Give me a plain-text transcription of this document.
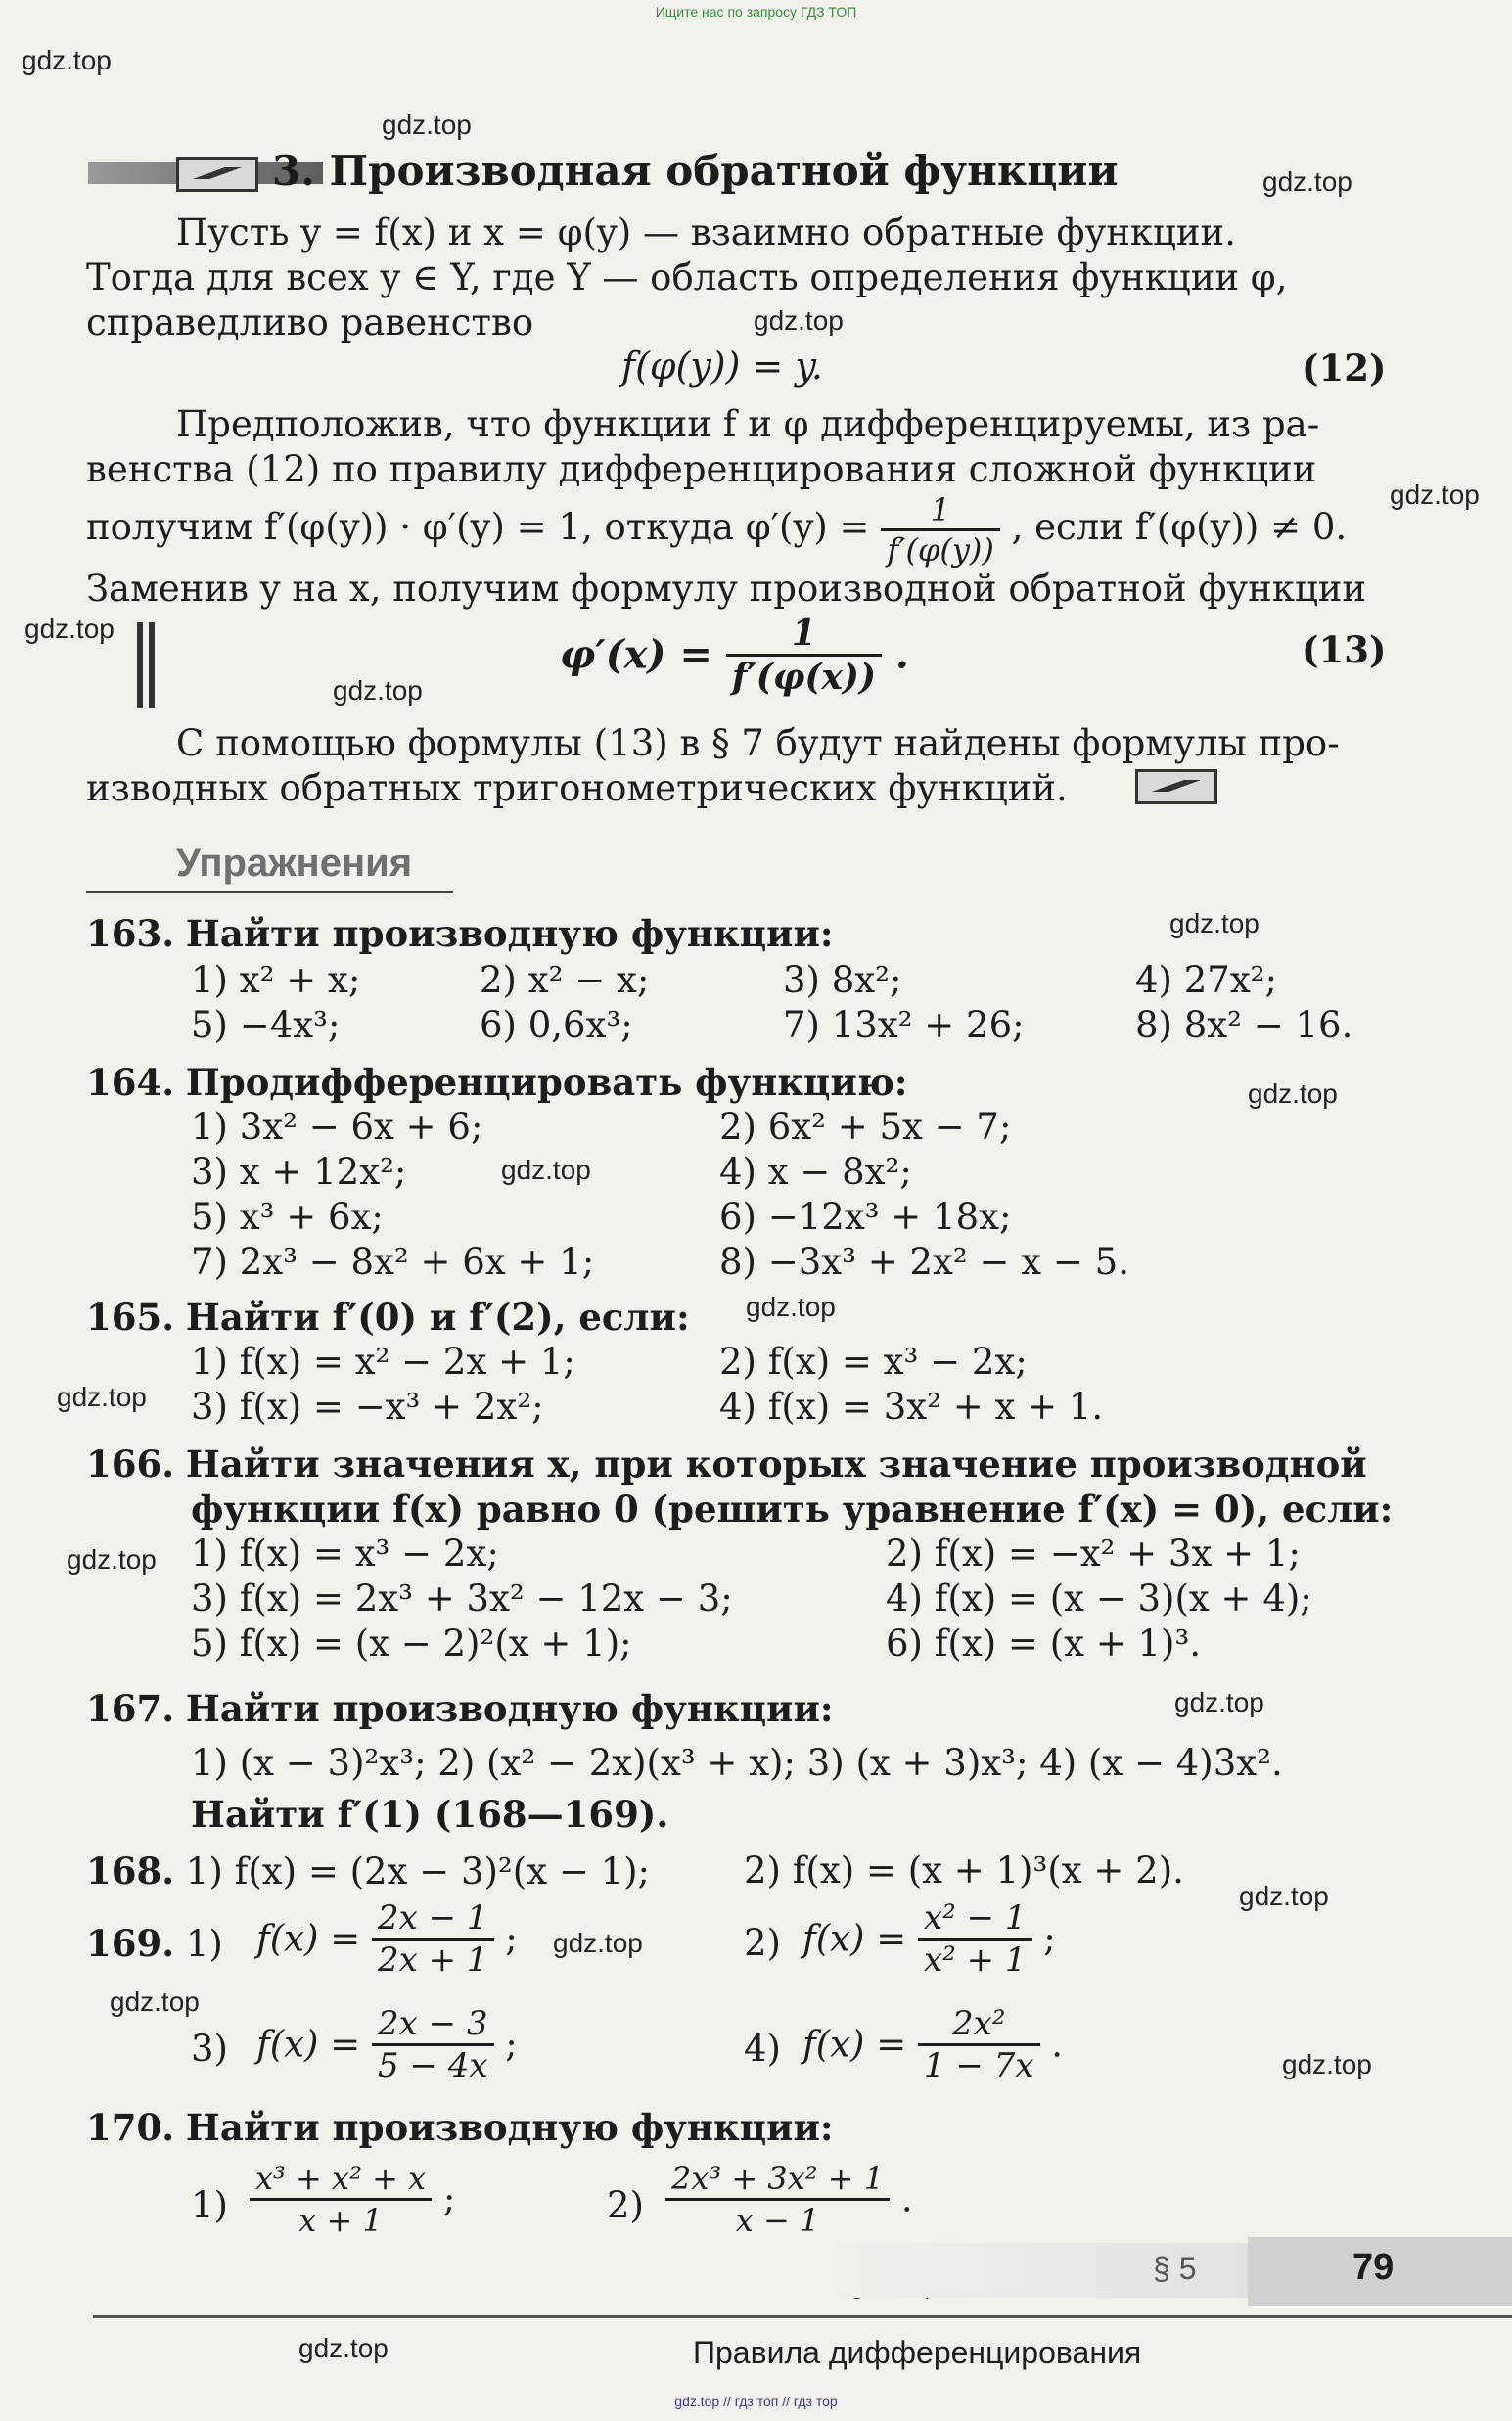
Ищите нас по запросу ГДЗ ТОП
gdz.top
gdz.top
gdz.top
gdz.top
gdz.top
gdz.top
gdz.top
gdz.top
gdz.top
gdz.top
gdz.top
gdz.top
gdz.top
gdz.top
gdz.top
gdz.top
gdz.top
gdz.top
gdz.top
3. Производная обратной функции
Пусть y = f(x) и x = φ(y) — взаимно обратные функции.
Тогда для всех y ∈ Y, где Y — область определения функции φ,
справедливо равенство
f(φ(y)) = y.	(12)
Предположив, что функции f и φ дифференцируемы, из ра-
венства (12) по правилу дифференцирования сложной функции
получим f′(φ(y)) · φ′(y) = 1, откуда $\varphi'(y) = \frac{1}{f'(\varphi(y))}$ , если f′(φ(y)) ≠ 0.
Заменив y на x, получим формулу производной обратной функции
$\varphi'(x) = \frac{1}{f'(\varphi(x))}$ .	(13)
С помощью формулы (13) в § 7 будут найдены формулы про-
изводных обратных тригонометрических функций.
Упражнения
163. Найти производную функции:
1) x² + x;	2) x² − x;	3) 8x²;	4) 27x²;
5) −4x³;	6) 0,6x³;	7) 13x² + 26;	8) 8x² − 16.
164. Продифференцировать функцию:
1) 3x² − 6x + 6;	2) 6x² + 5x − 7;
3) x + 12x²;	4) x − 8x²;
5) x³ + 6x;	6) −12x³ + 18x;
7) 2x³ − 8x² + 6x + 1;	8) −3x³ + 2x² − x − 5.
165. Найти f′(0) и f′(2), если:
1) f(x) = x² − 2x + 1;	2) f(x) = x³ − 2x;
3) f(x) = −x³ + 2x²;	4) f(x) = 3x² + x + 1.
166. Найти значения x, при которых значение производной
функции f(x) равно 0 (решить уравнение f′(x) = 0), если:
1) f(x) = x³ − 2x;	2) f(x) = −x² + 3x + 1;
3) f(x) = 2x³ + 3x² − 12x − 3;	4) f(x) = (x − 3)(x + 4);
5) f(x) = (x − 2)²(x + 1);	6) f(x) = (x + 1)³.
167. Найти производную функции:
1) (x − 3)²x³; 2) (x² − 2x)(x³ + x); 3) (x + 3)x³; 4) (x − 4)3x².
Найти f′(1) (168—169).
168. 1) f(x) = (2x − 3)²(x − 1);	2) f(x) = (x + 1)³(x + 2).
169. 1) $f(x) = \frac{2x - 1}{2x + 1}$ ;	2) $f(x) = \frac{\text{x² − 1}}{\text{x² + 1}}$ ;
3) $f(x) = \frac{2x - 3}{5 - 4x}$ ;	4) $f(x) = \frac{\text{2x²}}{1 - 7x}$ .
170. Найти производную функции:
$1) \frac{\text{x³ + x² + x}}{x + 1}$ ;	$2) \frac{\text{2x³ + 3x² + 1}}{x - 1}$ .
§ 5	79
Правила дифференцирования
gdz.top // гдз топ // гдз тор
